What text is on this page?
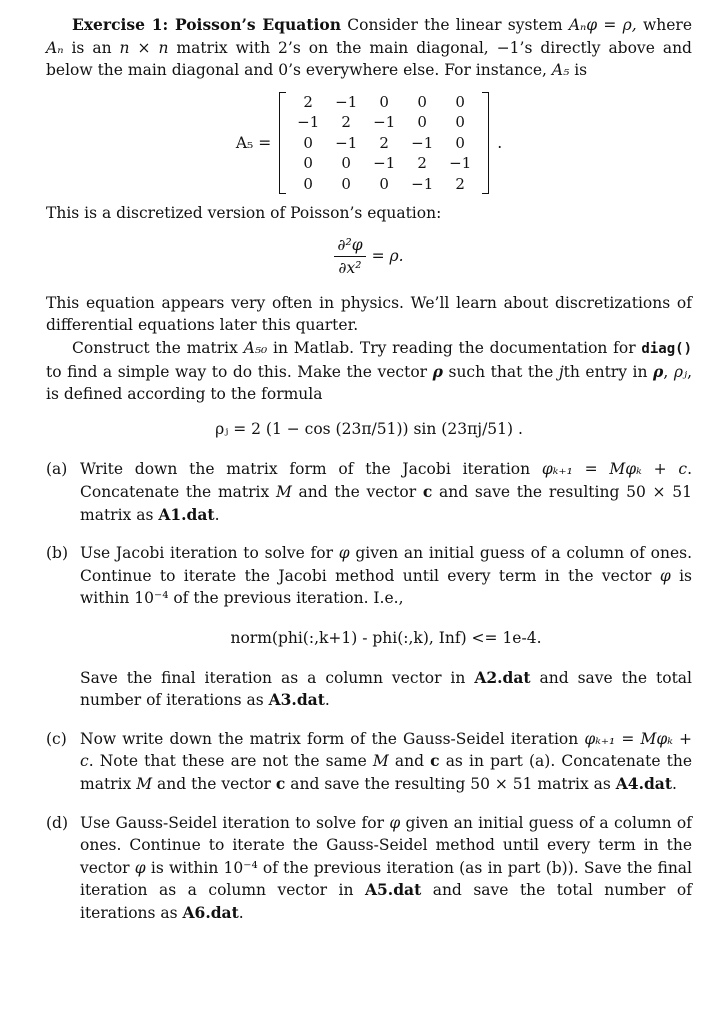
Exercise 1: Poisson’s Equation Consider the linear system Aₙφ = ρ, where Aₙ is an n × n matrix with 2’s on the main diagonal, −1’s directly above and below the main diagonal and 0’s everywhere else. For instance, A₅ is

A₅ =
2	−1	0	0	0
−1	2	−1	0	0
0	−1	2	−1	0
0	0	−1	2	−1
0	0	0	−1	2
.

This is a discretized version of Poisson’s equation:

$\frac{\text{∂²φ}}{\text{∂x²}} = \rho$.

This equation appears very often in physics. We’ll learn about discretizations of differential equations later this quarter.

Construct the matrix A₅₀ in Matlab. Try reading the documentation for diag() to find a simple way to do this. Make the vector ρ such that the jth entry in ρ, ρⱼ, is defined according to the formula

ρⱼ = 2 (1 − cos (23π/51)) sin (23πj/51) .
(a) Write down the matrix form of the Jacobi iteration φₖ₊₁ = Mφₖ + c. Concatenate the matrix M and the vector c and save the resulting 50 × 51 matrix as A1.dat.

(b) Use Jacobi iteration to solve for φ given an initial guess of a column of ones. Continue to iterate the Jacobi method until every term in the vector φ is within 10⁻⁴ of the previous iteration. I.e.,

norm(phi(:,k+1) - phi(:,k), Inf) <= 1e-4.

Save the final iteration as a column vector in A2.dat and save the total number of iterations as A3.dat.

(c) Now write down the matrix form of the Gauss-Seidel iteration φₖ₊₁ = Mφₖ + c. Note that these are not the same M and c as in part (a). Concatenate the matrix M and the vector c and save the resulting 50 × 51 matrix as A4.dat.

(d) Use Gauss-Seidel iteration to solve for φ given an initial guess of a column of ones. Continue to iterate the Gauss-Seidel method until every term in the vector φ is within 10⁻⁴ of the previous iteration (as in part (b)). Save the final iteration as a column vector in A5.dat and save the total number of iterations as A6.dat.
